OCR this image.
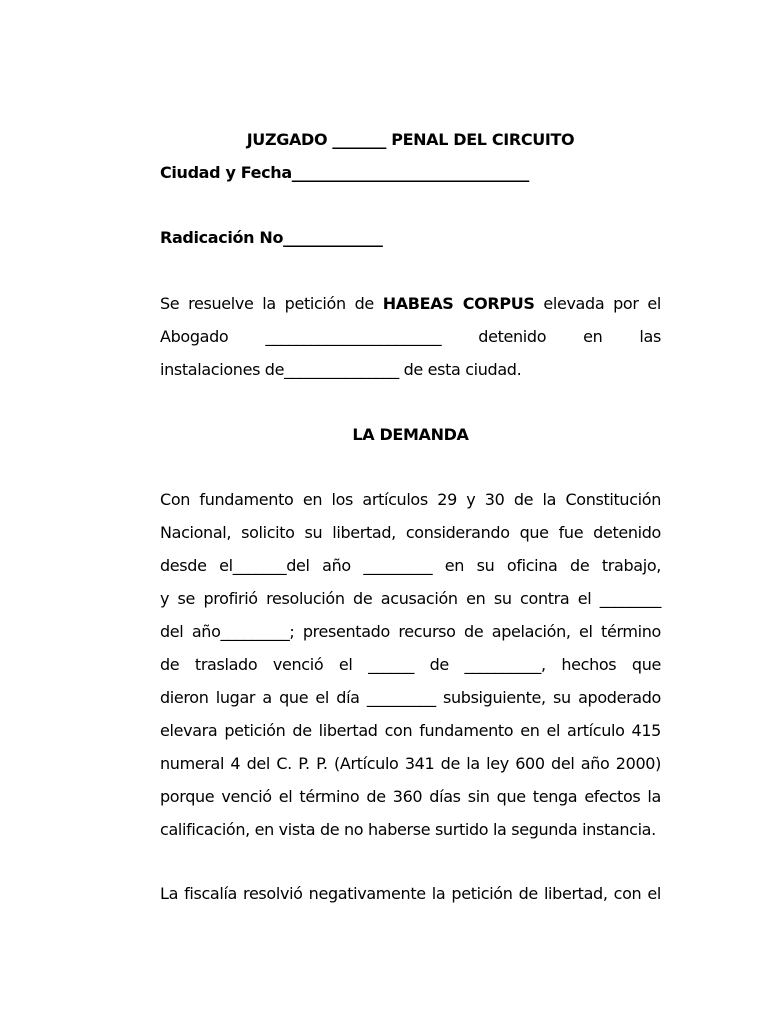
JUZGADO _______ PENAL DEL CIRCUITO
Ciudad y Fecha_______________________________
Radicación No_____________
Se resuelve la petición de HABEAS CORPUS elevada por el
Abogado _______________________ detenido en las
instalaciones de_______________ de esta ciudad.
LA DEMANDA
Con fundamento en los artículos 29 y 30 de la Constitución
Nacional, solicito su libertad, considerando que fue detenido
desde el_______del año _________ en su oficina de trabajo,
y se profirió resolución de acusación en su contra el ________
del año_________; presentado recurso de apelación, el término
de traslado venció el ______ de __________, hechos que
dieron lugar a que el día _________ subsiguiente, su apoderado
elevara petición de libertad con fundamento en el artículo 415
numeral 4 del C. P. P. (Artículo 341 de la ley 600 del año 2000)
porque venció el término de 360 días sin que tenga efectos la
calificación, en vista de no haberse surtido la segunda instancia.
La fiscalía resolvió negativamente la petición de libertad, con el
